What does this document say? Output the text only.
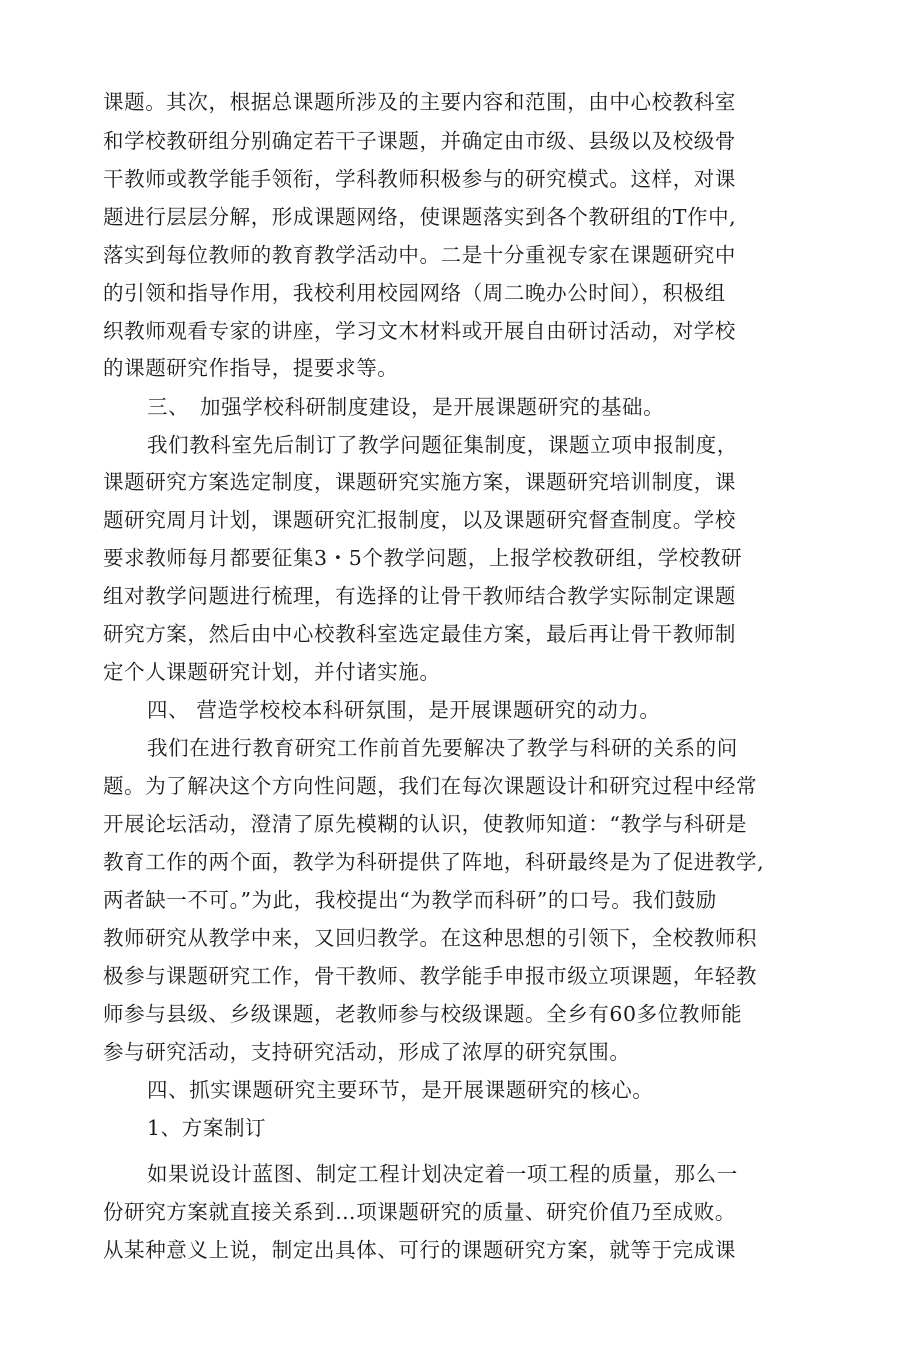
课题。其次，根据总课题所涉及的主要内容和范围，由中心校教科室
和学校教研组分别确定若干子课题，并确定由市级、县级以及校级骨
干教师或教学能手领衔，学科教师积极参与的研究模式。这样，对课
题进行层层分解，形成课题网络，使课题落实到各个教研组的T作中,
落实到每位教师的教育教学活动中。二是十分重视专家在课题研究中
的引领和指导作用，我校利用校园网络（周二晚办公时间），积极组
织教师观看专家的讲座，学习文木材料或开展自由研讨活动，对学校
的课题研究作指导，提要求等。
三、　加强学校科研制度建设，是开展课题研究的基础。
我们教科室先后制订了教学问题征集制度，课题立项申报制度，
课题研究方案选定制度，课题研究实施方案，课题研究培训制度，课
题研究周月计划，课题研究汇报制度，以及课题研究督查制度。学校
要求教师每月都要征集3・5个教学问题，上报学校教研组，学校教研
组对教学问题进行梳理，有选择的让骨干教师结合教学实际制定课题
研究方案，然后由中心校教科室选定最佳方案，最后再让骨干教师制
定个人课题研究计划，并付诸实施。
四、 营造学校校本科研氛围，是开展课题研究的动力。
我们在进行教育研究工作前首先要解决了教学与科研的关系的问
题。为了解决这个方向性问题，我们在每次课题设计和研究过程中经常
开展论坛活动，澄清了原先模糊的认识，使教师知道：“教学与科研是
教育工作的两个面，教学为科研提供了阵地，科研最终是为了促进教学,
两者缺一不可。”为此，我校提出“为教学而科研”的口号。我们鼓励
教师研究从教学中来，又回归教学。在这种思想的引领下，全校教师积
极参与课题研究工作，骨干教师、教学能手申报市级立项课题，年轻教
师参与县级、乡级课题，老教师参与校级课题。全乡有60多位教师能
参与研究活动，支持研究活动，形成了浓厚的研究氛围。
四、抓实课题研究主要环节，是开展课题研究的核心。
1、方案制订
如果说设计蓝图、制定工程计划决定着一项工程的质量，那么一
份研究方案就直接关系到…项课题研究的质量、研究价值乃至成败。
从某种意义上说，制定出具体、可行的课题研究方案，就等于完成课
